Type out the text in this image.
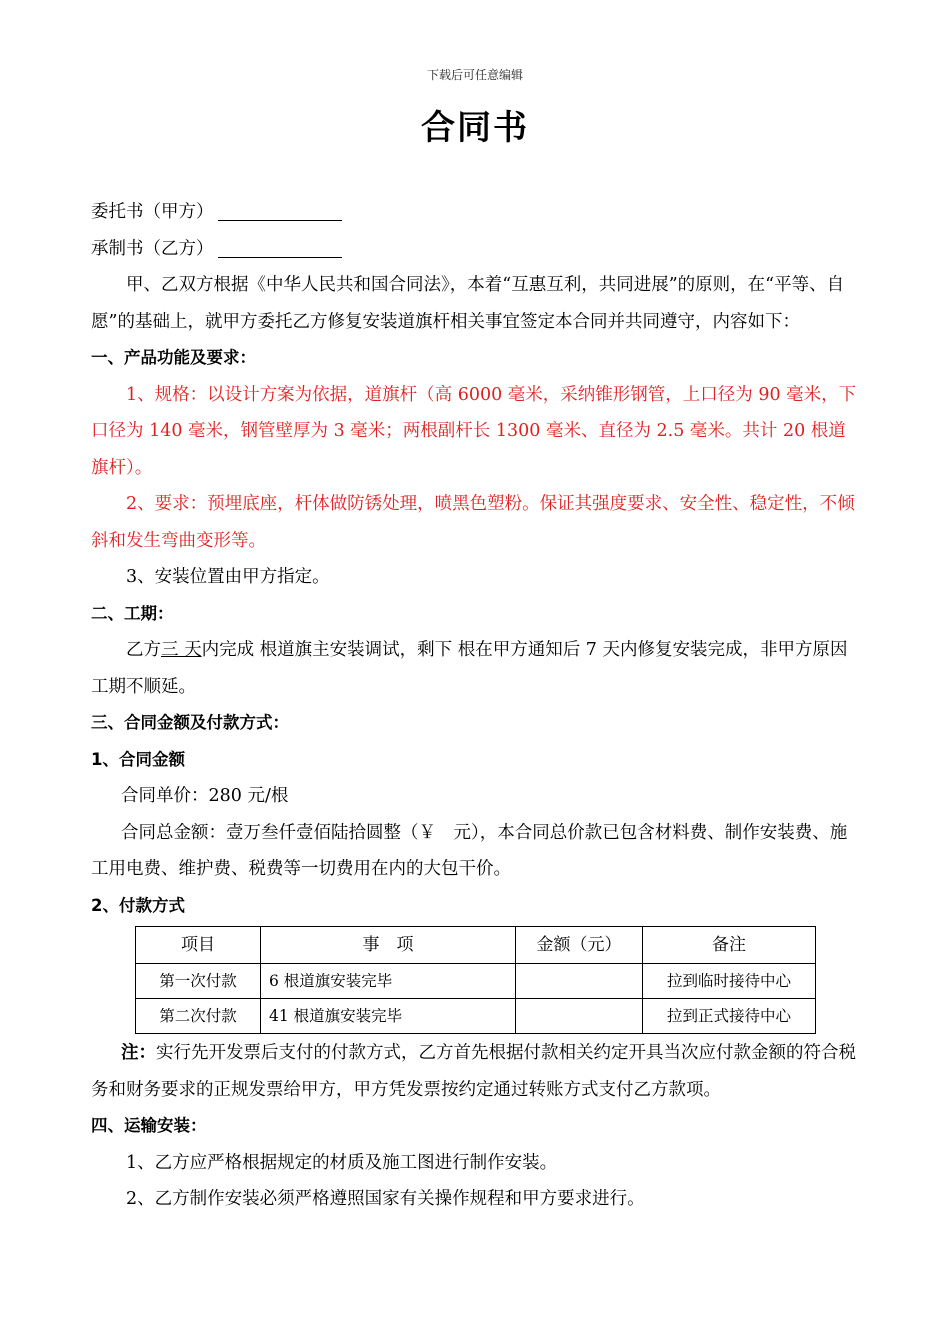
下载后可任意编辑
合同书

委托书（甲方）

承制书（乙方）

甲、乙双方根据《中华人民共和国合同法》，本着“互惠互利，共同进展”的原则，在“平等、自愿”的基础上，就甲方委托乙方修复安装道旗杆相关事宜签定本合同并共同遵守，内容如下：

一、产品功能及要求：

1、规格：以设计方案为依据，道旗杆（高 6000 毫米，采纳锥形钢管，上口径为 90 毫米，下口径为 140 毫米，钢管壁厚为 3 毫米；两根副杆长 1300 毫米、直径为 2.5 毫米。共计 20 根道旗杆）。

2、要求：预埋底座，杆体做防锈处理，喷黑色塑粉。保证其强度要求、安全性、稳定性，不倾斜和发生弯曲变形等。

3、安装位置由甲方指定。

二、工期：

乙方三 天内完成 根道旗主安装调试，剩下 根在甲方通知后 7 天内修复安装完成，非甲方原因工期不顺延。

三、合同金额及付款方式：

1、合同金额

合同单价：280 元/根

合同总金额：壹万叁仟壹佰陆拾圆整（￥　元），本合同总价款已包含材料费、制作安装费、施工用电费、维护费、税费等一切费用在内的大包干价。

2、付款方式

项目	事　项	金额（元）	备注
第一次付款	6 根道旗安装完毕		拉到临时接待中心
第二次付款	41 根道旗安装完毕		拉到正式接待中心

注：实行先开发票后支付的付款方式，乙方首先根据付款相关约定开具当次应付款金额的符合税务和财务要求的正规发票给甲方，甲方凭发票按约定通过转账方式支付乙方款项。

四、运输安装：

1、乙方应严格根据规定的材质及施工图进行制作安装。

2、乙方制作安装必须严格遵照国家有关操作规程和甲方要求进行。
